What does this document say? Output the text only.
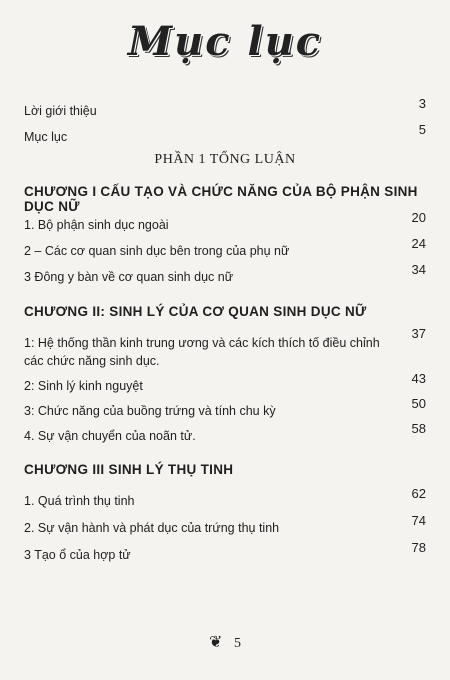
Mục lục
Lời giới thiệu	3
Mục lục	5
PHẦN 1 TỔNG LUẬN
CHƯƠNG I CẤU TẠO VÀ CHỨC NĂNG CỦA BỘ PHẬN SINH DỤC NỮ
1. Bộ phận sinh dục ngoài	20
2 – Các cơ quan sinh dục bên trong của phụ nữ	24
3 Đông y bàn về cơ quan sinh dục nữ	34
CHƯƠNG II: SINH LÝ CỦA CƠ QUAN SINH DỤC NỮ
1: Hệ thống thần kinh trung ương và các kích thích tố điều chỉnh các chức năng sinh dục.
37
2: Sinh lý kinh nguyệt	43
3: Chức năng của buồng trứng và tính chu kỳ	50
4. Sự vận chuyển của noãn tử.	58
CHƯƠNG III SINH LÝ THỤ TINH
1. Quá trình thụ tinh	62
2. Sự vận hành và phát dục của trứng thụ tinh	74
3 Tạo ổ của hợp tử	78
❦ 5
